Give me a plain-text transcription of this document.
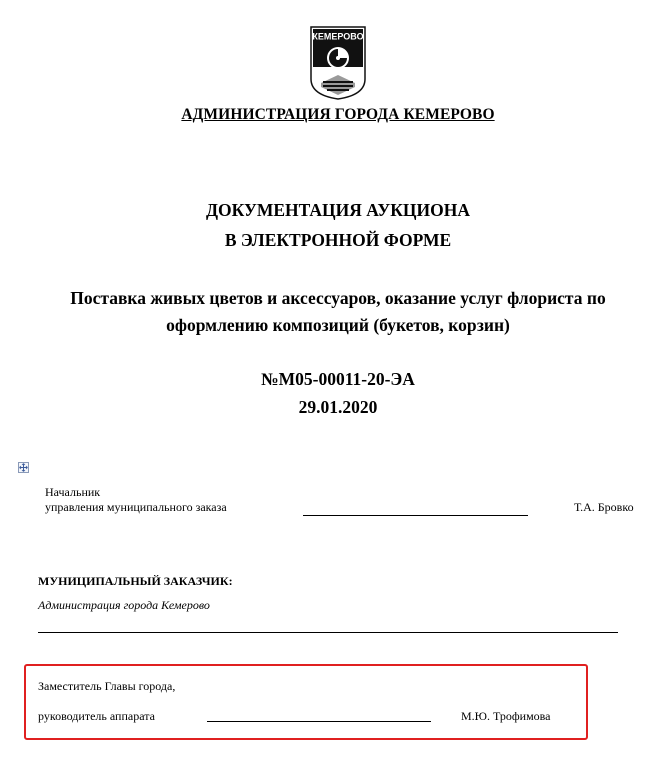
КЕМЕРОВО
АДМИНИСТРАЦИЯ ГОРОДА КЕМЕРОВО
ДОКУМЕНТАЦИЯ АУКЦИОНА
В ЭЛЕКТРОННОЙ ФОРМЕ
Поставка живых цветов и аксессуаров, оказание услуг флориста по
оформлению композиций (букетов, корзин)
№М05-00011-20-ЭА
29.01.2020
Начальник
управления муниципального заказа	Т.А. Бровко
МУНИЦИПАЛЬНЫЙ ЗАКАЗЧИК:
Администрация города Кемерово
Заместитель Главы города,
руководитель аппарата	М.Ю. Трофимова
